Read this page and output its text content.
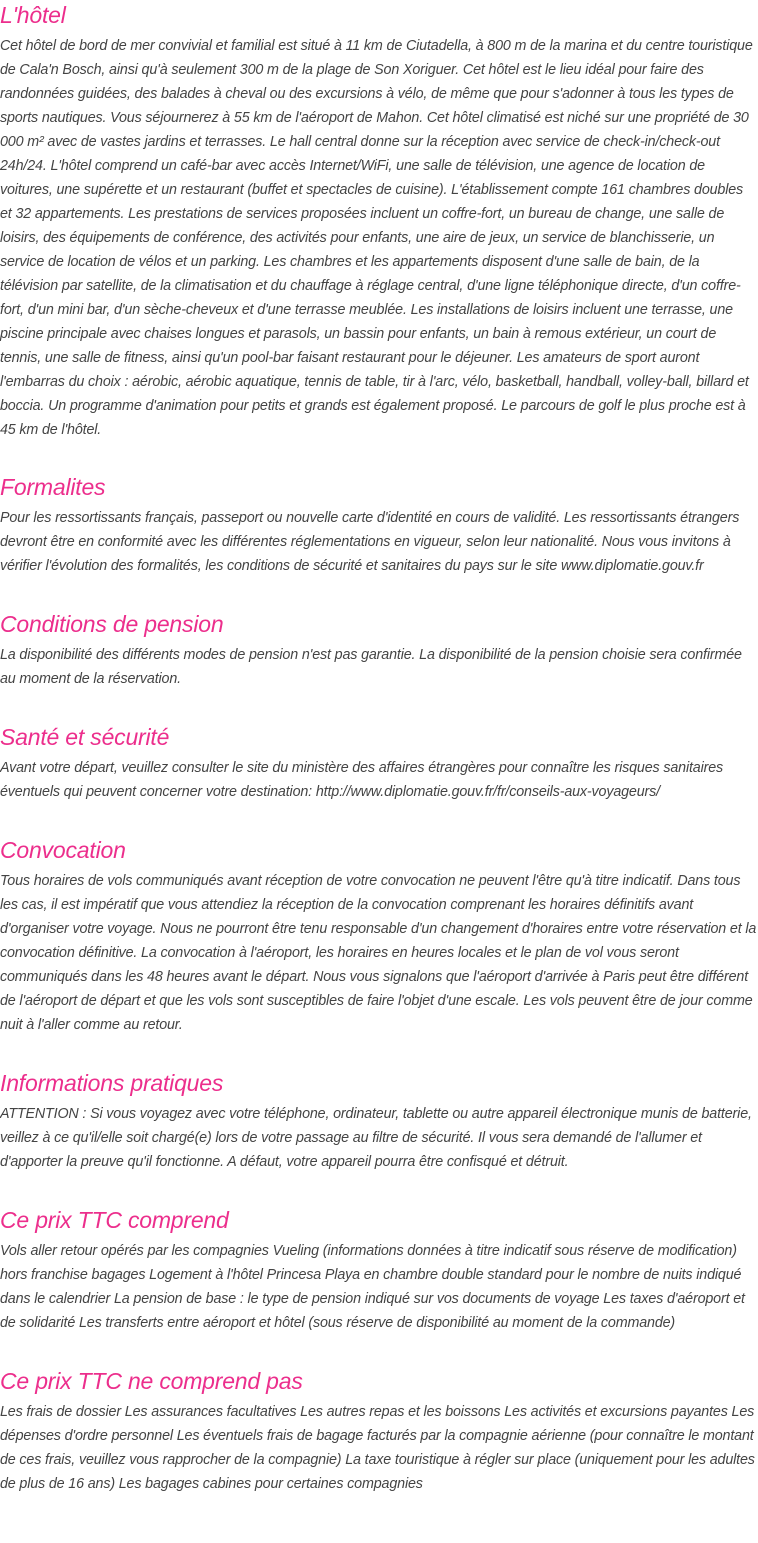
L'hôtel

Cet hôtel de bord de mer convivial et familial est situé à 11 km de Ciutadella, à 800 m de la marina et du centre touristique de Cala'n Bosch, ainsi qu'à seulement 300 m de la plage de Son Xoriguer. Cet hôtel est le lieu idéal pour faire des randonnées guidées, des balades à cheval ou des excursions à vélo, de même que pour s'adonner à tous les types de sports nautiques. Vous séjournerez à 55 km de l'aéroport de Mahon. Cet hôtel climatisé est niché sur une propriété de 30 000 m² avec de vastes jardins et terrasses. Le hall central donne sur la réception avec service de check-in/check-out 24h/24. L'hôtel comprend un café-bar avec accès Internet/WiFi, une salle de télévision, une agence de location de voitures, une supérette et un restaurant (buffet et spectacles de cuisine). L'établissement compte 161 chambres doubles et 32 appartements. Les prestations de services proposées incluent un coffre-fort, un bureau de change, une salle de loisirs, des équipements de conférence, des activités pour enfants, une aire de jeux, un service de blanchisserie, un service de location de vélos et un parking. Les chambres et les appartements disposent d'une salle de bain, de la télévision par satellite, de la climatisation et du chauffage à réglage central, d'une ligne téléphonique directe, d'un coffre-fort, d'un mini bar, d'un sèche-cheveux et d'une terrasse meublée. Les installations de loisirs incluent une terrasse, une piscine principale avec chaises longues et parasols, un bassin pour enfants, un bain à remous extérieur, un court de tennis, une salle de fitness, ainsi qu'un pool-bar faisant restaurant pour le déjeuner. Les amateurs de sport auront l'embarras du choix : aérobic, aérobic aquatique, tennis de table, tir à l'arc, vélo, basketball, handball, volley-ball, billard et boccia. Un programme d'animation pour petits et grands est également proposé. Le parcours de golf le plus proche est à 45 km de l'hôtel.

Formalites

Pour les ressortissants français, passeport ou nouvelle carte d'identité en cours de validité. Les ressortissants étrangers devront être en conformité avec les différentes réglementations en vigueur, selon leur nationalité. Nous vous invitons à vérifier l'évolution des formalités, les conditions de sécurité et sanitaires du pays sur le site www.diplomatie.gouv.fr

Conditions de pension

La disponibilité des différents modes de pension n'est pas garantie. La disponibilité de la pension choisie sera confirmée au moment de la réservation.

Santé et sécurité

Avant votre départ, veuillez consulter le site du ministère des affaires étrangères pour connaître les risques sanitaires éventuels qui peuvent concerner votre destination: http://www.diplomatie.gouv.fr/fr/conseils-aux-voyageurs/

Convocation

Tous horaires de vols communiqués avant réception de votre convocation ne peuvent l'être qu'à titre indicatif. Dans tous les cas, il est impératif que vous attendiez la réception de la convocation comprenant les horaires définitifs avant d'organiser votre voyage. Nous ne pourront être tenu responsable d'un changement d'horaires entre votre réservation et la convocation définitive. La convocation à l'aéroport, les horaires en heures locales et le plan de vol vous seront communiqués dans les 48 heures avant le départ. Nous vous signalons que l'aéroport d'arrivée à Paris peut être différent de l'aéroport de départ et que les vols sont susceptibles de faire l'objet d'une escale. Les vols peuvent être de jour comme nuit à l'aller comme au retour.

Informations pratiques

ATTENTION : Si vous voyagez avec votre téléphone, ordinateur, tablette ou autre appareil électronique munis de batterie, veillez à ce qu'il/elle soit chargé(e) lors de votre passage au filtre de sécurité. Il vous sera demandé de l'allumer et d'apporter la preuve qu'il fonctionne. A défaut, votre appareil pourra être confisqué et détruit.

Ce prix TTC comprend

Vols aller retour opérés par les compagnies Vueling (informations données à titre indicatif sous réserve de modification) hors franchise bagages Logement à l'hôtel Princesa Playa en chambre double standard pour le nombre de nuits indiqué dans le calendrier La pension de base : le type de pension indiqué sur vos documents de voyage Les taxes d'aéroport et de solidarité Les transferts entre aéroport et hôtel (sous réserve de disponibilité au moment de la commande)

Ce prix TTC ne comprend pas

Les frais de dossier Les assurances facultatives Les autres repas et les boissons Les activités et excursions payantes Les dépenses d'ordre personnel Les éventuels frais de bagage facturés par la compagnie aérienne (pour connaître le montant de ces frais, veuillez vous rapprocher de la compagnie) La taxe touristique à régler sur place (uniquement pour les adultes de plus de 16 ans) Les bagages cabines pour certaines compagnies
